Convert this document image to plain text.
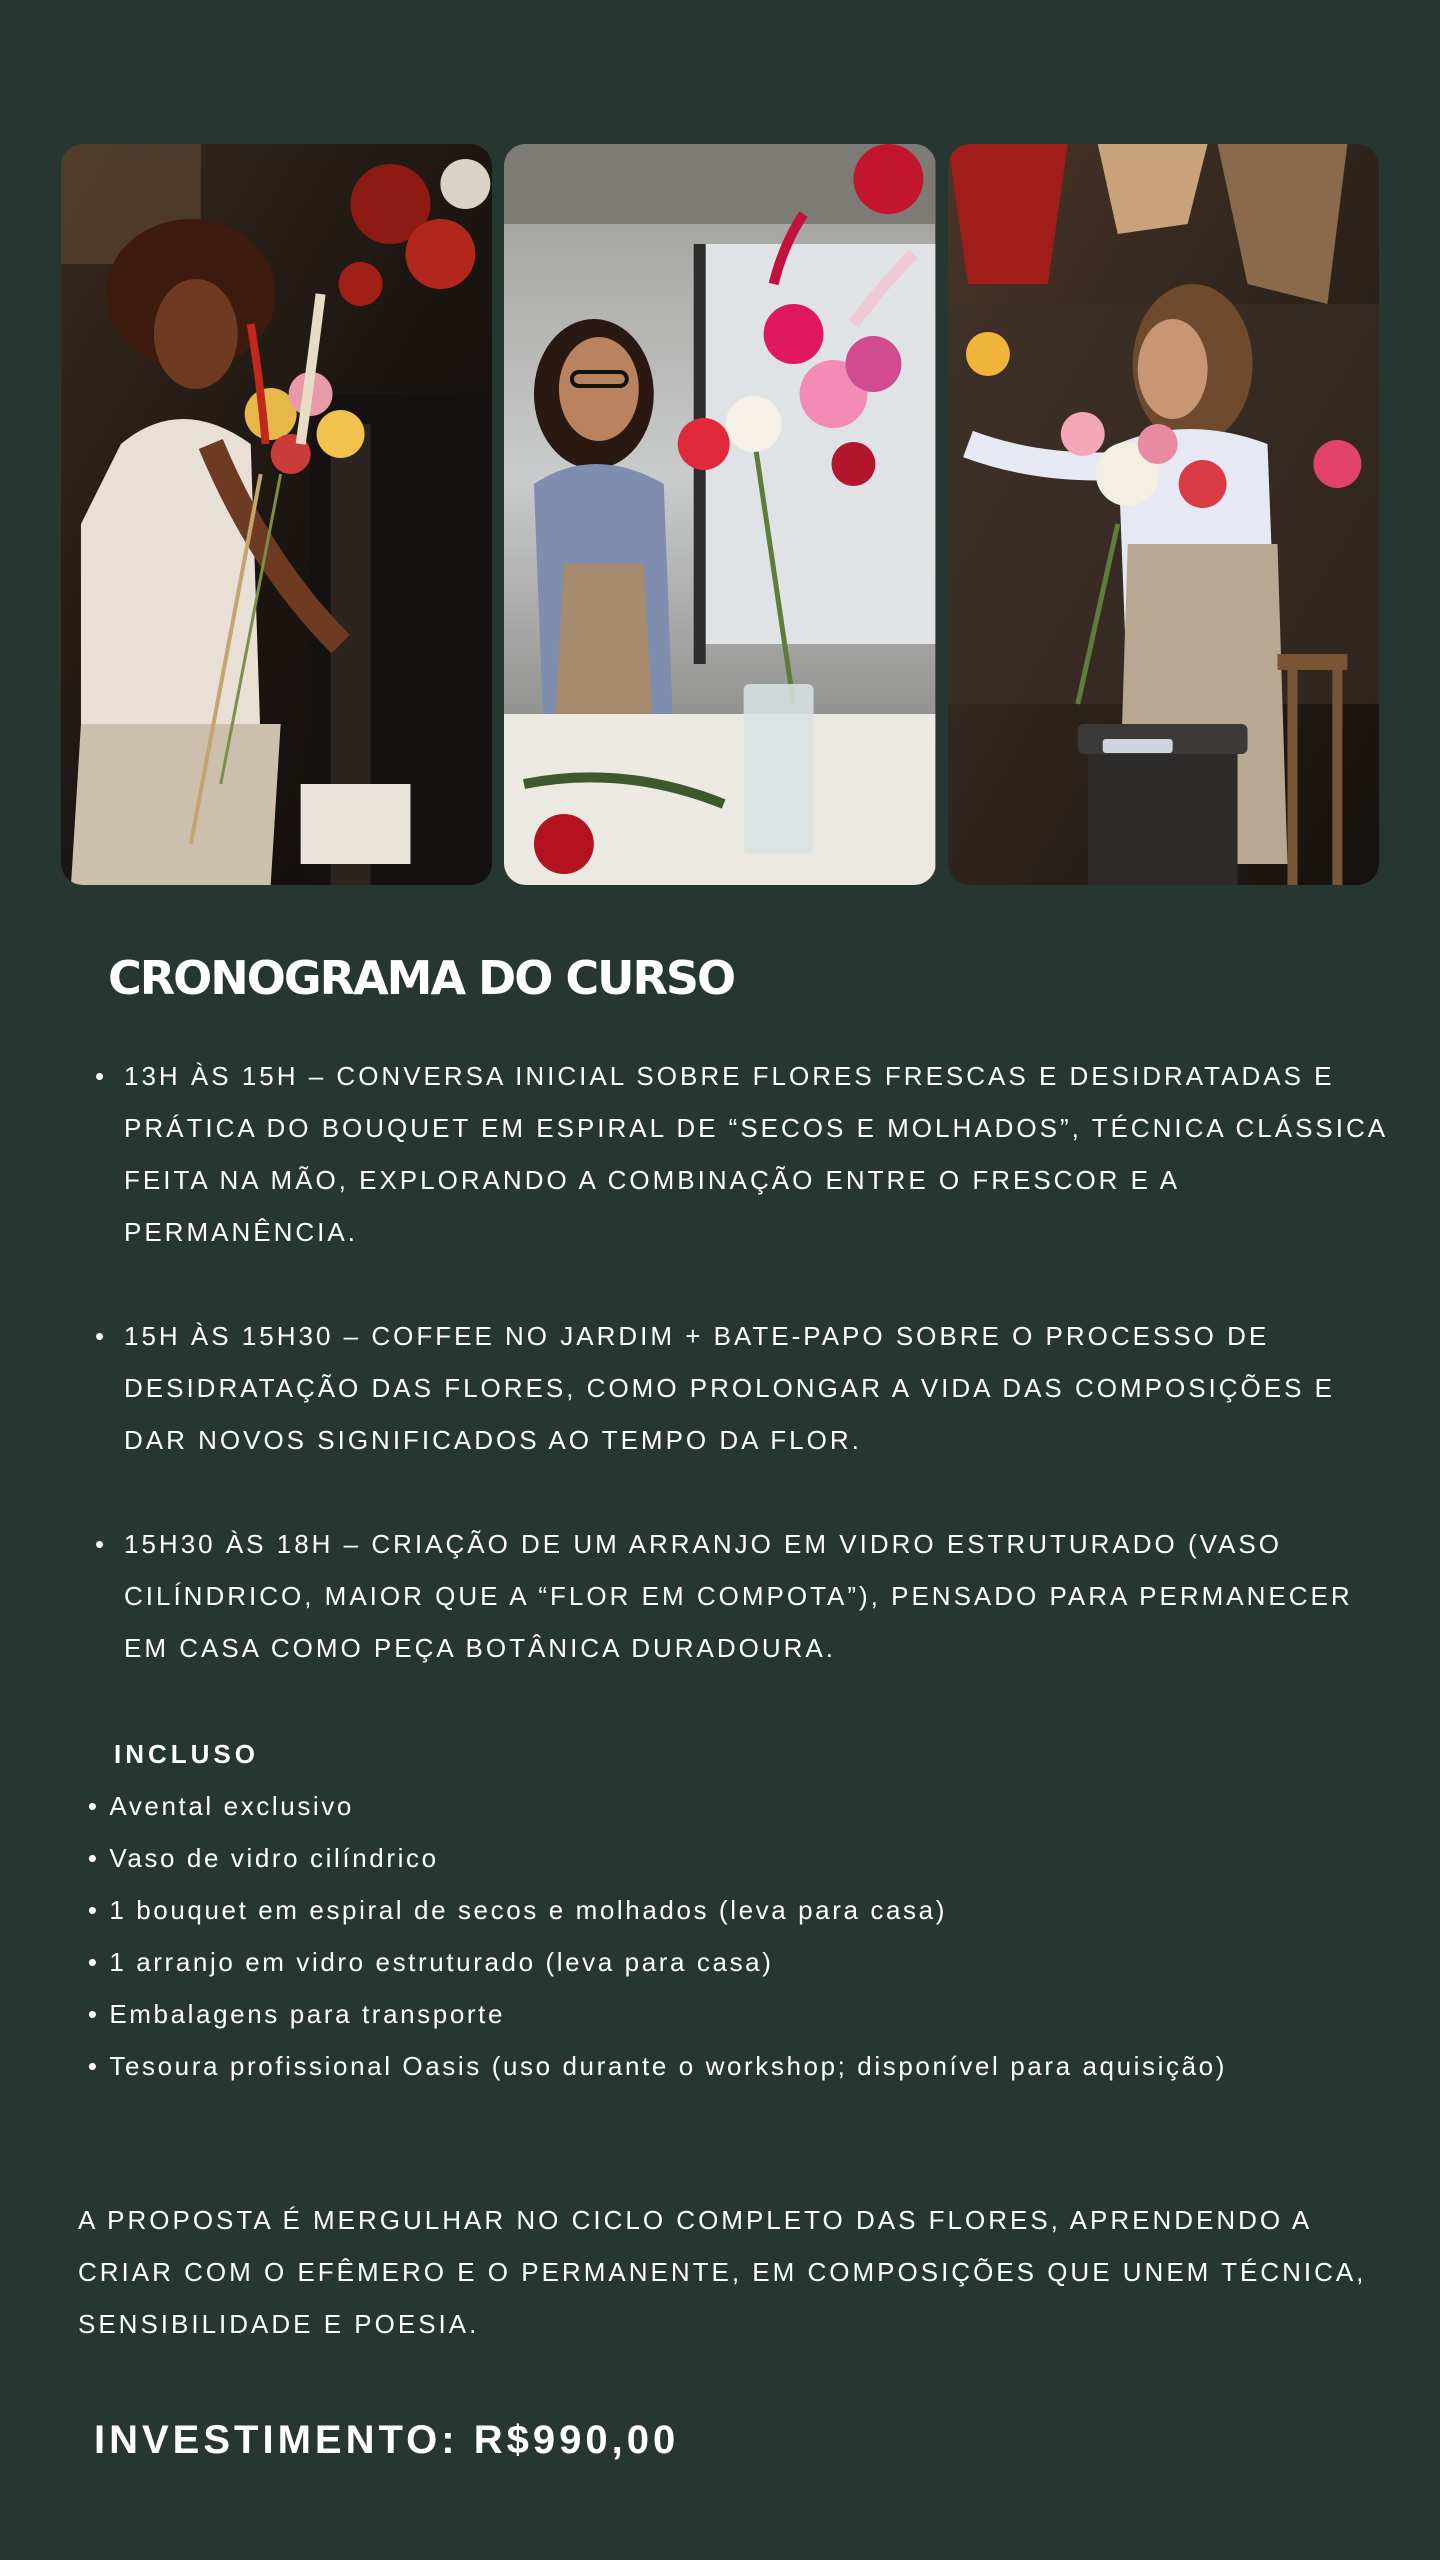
CRONOGRAMA DO CURSO
• 13H ÀS 15H – CONVERSA INICIAL SOBRE FLORES FRESCAS E DESIDRATADAS E PRÁTICA DO BOUQUET EM ESPIRAL DE “SECOS E MOLHADOS”, TÉCNICA CLÁSSICA FEITA NA MÃO, EXPLORANDO A COMBINAÇÃO ENTRE O FRESCOR E A PERMANÊNCIA.
• 15H ÀS 15H30 – COFFEE NO JARDIM + BATE-PAPO SOBRE O PROCESSO DE DESIDRATAÇÃO DAS FLORES, COMO PROLONGAR A VIDA DAS COMPOSIÇÕES E DAR NOVOS SIGNIFICADOS AO TEMPO DA FLOR.
• 15H30 ÀS 18H – CRIAÇÃO DE UM ARRANJO EM VIDRO ESTRUTURADO (VASO CILÍNDRICO, MAIOR QUE A “FLOR EM COMPOTA”), PENSADO PARA PERMANECER EM CASA COMO PEÇA BOTÂNICA DURADOURA.
INCLUSO
• Avental exclusivo
• Vaso de vidro cilíndrico
• 1 bouquet em espiral de secos e molhados (leva para casa)
• 1 arranjo em vidro estruturado (leva para casa)
• Embalagens para transporte
• Tesoura profissional Oasis (uso durante o workshop; disponível para aquisição)

A PROPOSTA É MERGULHAR NO CICLO COMPLETO DAS FLORES, APRENDENDO A CRIAR COM O EFÊMERO E O PERMANENTE, EM COMPOSIÇÕES QUE UNEM TÉCNICA, SENSIBILIDADE E POESIA.

INVESTIMENTO: R$990,00
